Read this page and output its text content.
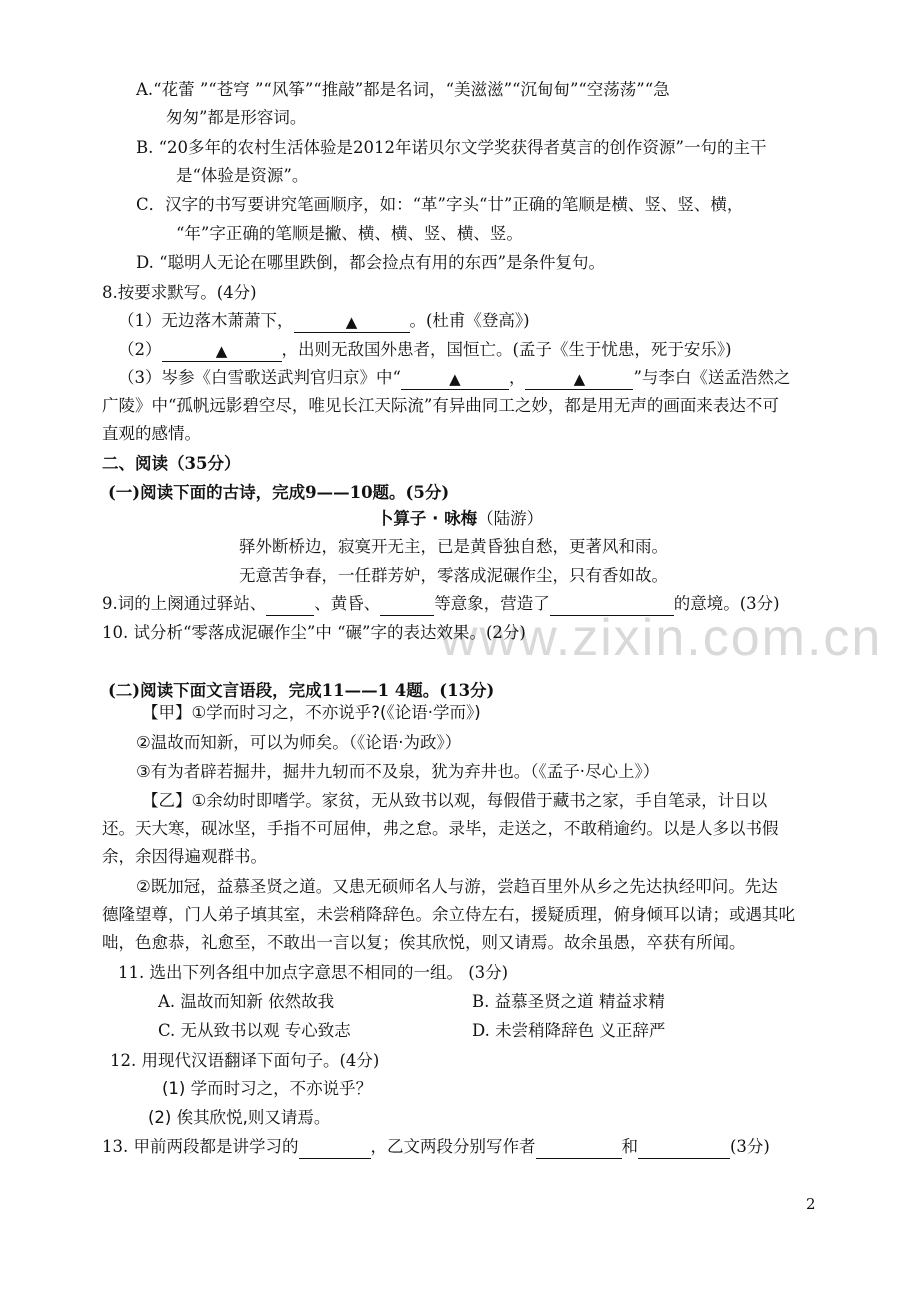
www.zixin.com.cn
A.“花蕾 ”“苍穹 ”“风筝”“推敲”都是名词，“美滋滋”“沉甸甸”“空荡荡”“急
匆匆”都是形容词。
B. “20多年的农村生活体验是2012年诺贝尔文学奖获得者莫言的创作资源”一句的主干
是“体验是资源”。
C．汉字的书写要讲究笔画顺序，如：“革”字头“廿”正确的笔顺是横、竖、竖、横，
“年”字正确的笔顺是撇、横、横、竖、横、竖。
D. “聪明人无论在哪里跌倒，都会捡点有用的东西”是条件复句。
8.按要求默写。(4分)
（1）无边落木萧萧下，	▲	。(杜甫《登高》)
（2）	▲	，出则无敌国外患者，国恒亡。(孟子《生于忧患，死于安乐》)
（3）岑参《白雪歌送武判官归京》中“	▲	，	▲	”与李白《送孟浩然之
广陵》中“孤帆远影碧空尽，唯见长江天际流”有异曲同工之妙，都是用无声的画面来表达不可
直观的感情。
二、阅读（35分）
(一)阅读下面的古诗，完成9——10题。(5分)
卜算子 · 咏梅（陆游）
驿外断桥边，寂寞开无主，已是黄昏独自愁，更著风和雨。
无意苦争春，一任群芳妒，零落成泥碾作尘，只有香如故。
9.词的上阕通过驿站、	、黄昏、	等意象，营造了	的意境。(3分)
10. 试分析“零落成泥碾作尘”中 “碾”字的表达效果。(2分)
(二)阅读下面文言语段，完成11——1 4题。(13分)
【甲】①学而时习之，不亦说乎?(《论语·学而》)
②温故而知新，可以为师矣。（《论语·为政》）
③有为者辟若掘井，掘井九轫而不及泉，犹为弃井也。（《孟子·尽心上》）
【乙】①余幼时即嗜学。家贫，无从致书以观，每假借于藏书之家，手自笔录，计日以
还。天大寒，砚冰坚，手指不可屈伸，弗之怠。录毕，走送之，不敢稍逾约。以是人多以书假
余，余因得遍观群书。
②既加冠，益慕圣贤之道。又患无硕师名人与游，尝趋百里外从乡之先达执经叩问。先达
德隆望尊，门人弟子填其室，未尝稍降辞色。余立侍左右，援疑质理，俯身倾耳以请；或遇其叱
咄，色愈恭，礼愈至，不敢出一言以复；俟其欣悦，则又请焉。故余虽愚，卒获有所闻。
11. 选出下列各组中加点字意思不相同的一组。 (3分)
A. 温故而知新 依然故我	B. 益慕圣贤之道 精益求精
C. 无从致书以观 专心致志	D. 未尝稍降辞色 义正辞严
12. 用现代汉语翻译下面句子。(4分)
(1) 学而时习之，不亦说乎？
(2) 俟其欣悦,则又请焉。
13. 甲前两段都是讲学习的	，乙文两段分别写作者	和	(3分)
2
